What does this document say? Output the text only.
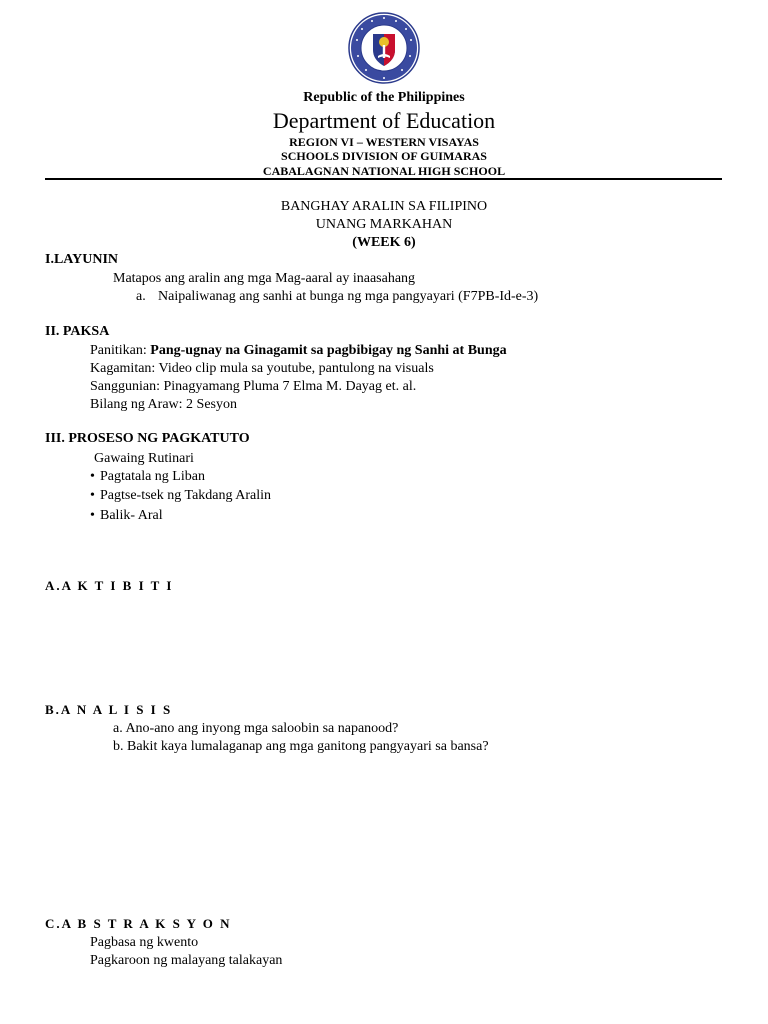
Republic of the Philippines
Department of Education
REGION VI – WESTERN VISAYAS
SCHOOLS DIVISION OF GUIMARAS
CABALAGNAN NATIONAL HIGH SCHOOL
BANGHAY ARALIN SA FILIPINO
UNANG MARKAHAN
(WEEK 6)
I.LAYUNIN
Matapos ang aralin ang mga Mag-aaral ay inaasahang
a. Naipaliwanag ang sanhi at bunga ng mga pangyayari (F7PB-Id-e-3)
II. PAKSA
Panitikan: Pang-ugnay na Ginagamit sa pagbibigay ng Sanhi at Bunga
Kagamitan: Video clip mula sa youtube, pantulong na visuals
Sanggunian: Pinagyamang Pluma 7 Elma M. Dayag et. al.
Bilang ng Araw: 2 Sesyon
III. PROSESO NG PAGKATUTO
Gawaing Rutinari
• Pagtatala ng Liban
• Pagtse-tsek ng Takdang Aralin
• Balik- Aral
A.A K T I B I T I
B.A N A L I S I S
a. Ano-ano ang inyong mga saloobin sa napanood?
b. Bakit kaya lumalaganap ang mga ganitong pangyayari sa bansa?
C.A B S T R A K S Y O N
Pagbasa ng kwento
Pagkaroon ng malayang talakayan
